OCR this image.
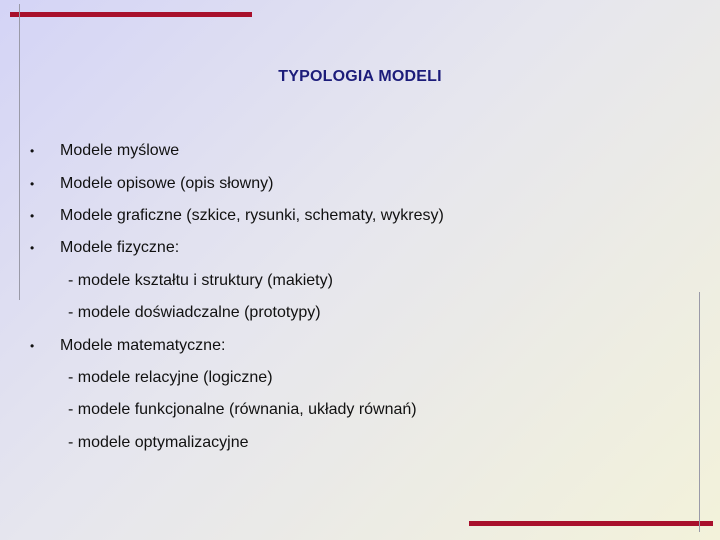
TYPOLOGIA MODELI
• Modele myślowe
• Modele opisowe (opis słowny)
• Modele graficzne (szkice, rysunki, schematy, wykresy)
• Modele fizyczne:
- modele kształtu i struktury (makiety)
- modele doświadczalne (prototypy)
• Modele matematyczne:
- modele relacyjne (logiczne)
- modele funkcjonalne (równania, układy równań)
- modele optymalizacyjne
